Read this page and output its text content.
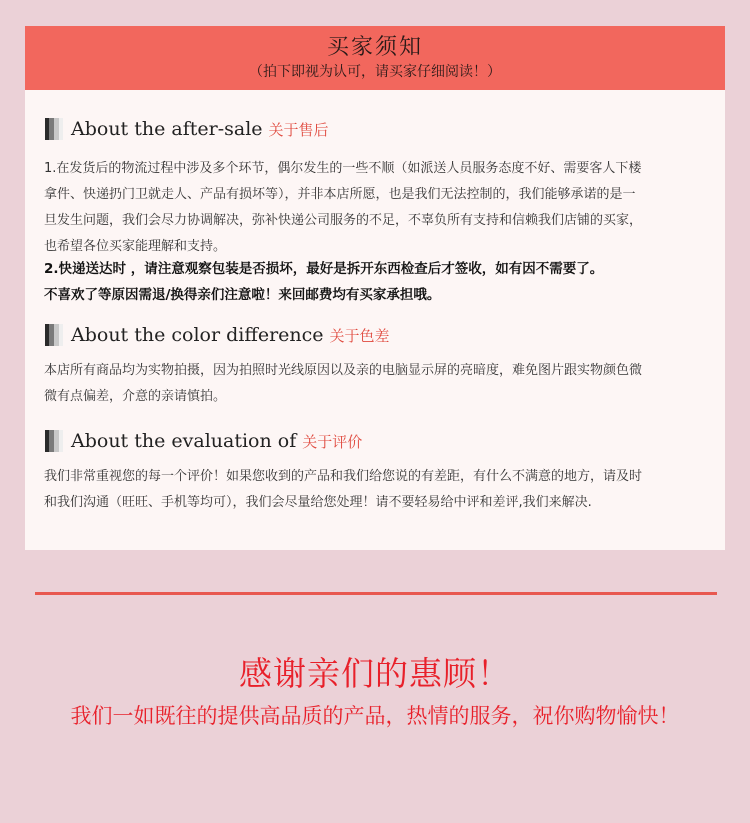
买家须知
（拍下即视为认可，请买家仔细阅读！）
About the after-sale 关于售后
1.在发货后的物流过程中涉及多个环节，偶尔发生的一些不顺（如派送人员服务态度不好、需要客人下楼
拿件、快递扔门卫就走人、产品有损坏等），并非本店所愿，也是我们无法控制的，我们能够承诺的是一
旦发生问题，我们会尽力协调解决，弥补快递公司服务的不足，不辜负所有支持和信赖我们店铺的买家，
也希望各位买家能理解和支持。
2.快递送达时 ，请注意观察包装是否损坏，最好是拆开东西检查后才签收，如有因不需要了。
不喜欢了等原因需退/换得亲们注意啦！来回邮费均有买家承担哦。
About the color difference 关于色差
本店所有商品均为实物拍摄，因为拍照时光线原因以及亲的电脑显示屏的亮暗度，难免图片跟实物颜色微
微有点偏差，介意的亲请慎拍。
About the evaluation of 关于评价
我们非常重视您的每一个评价！如果您收到的产品和我们给您说的有差距，有什么不满意的地方，请及时
和我们沟通（旺旺、手机等均可），我们会尽量给您处理！请不要轻易给中评和差评,我们来解决.
感谢亲们的惠顾！
我们一如既往的提供高品质的产品，热情的服务，祝你购物愉快！
